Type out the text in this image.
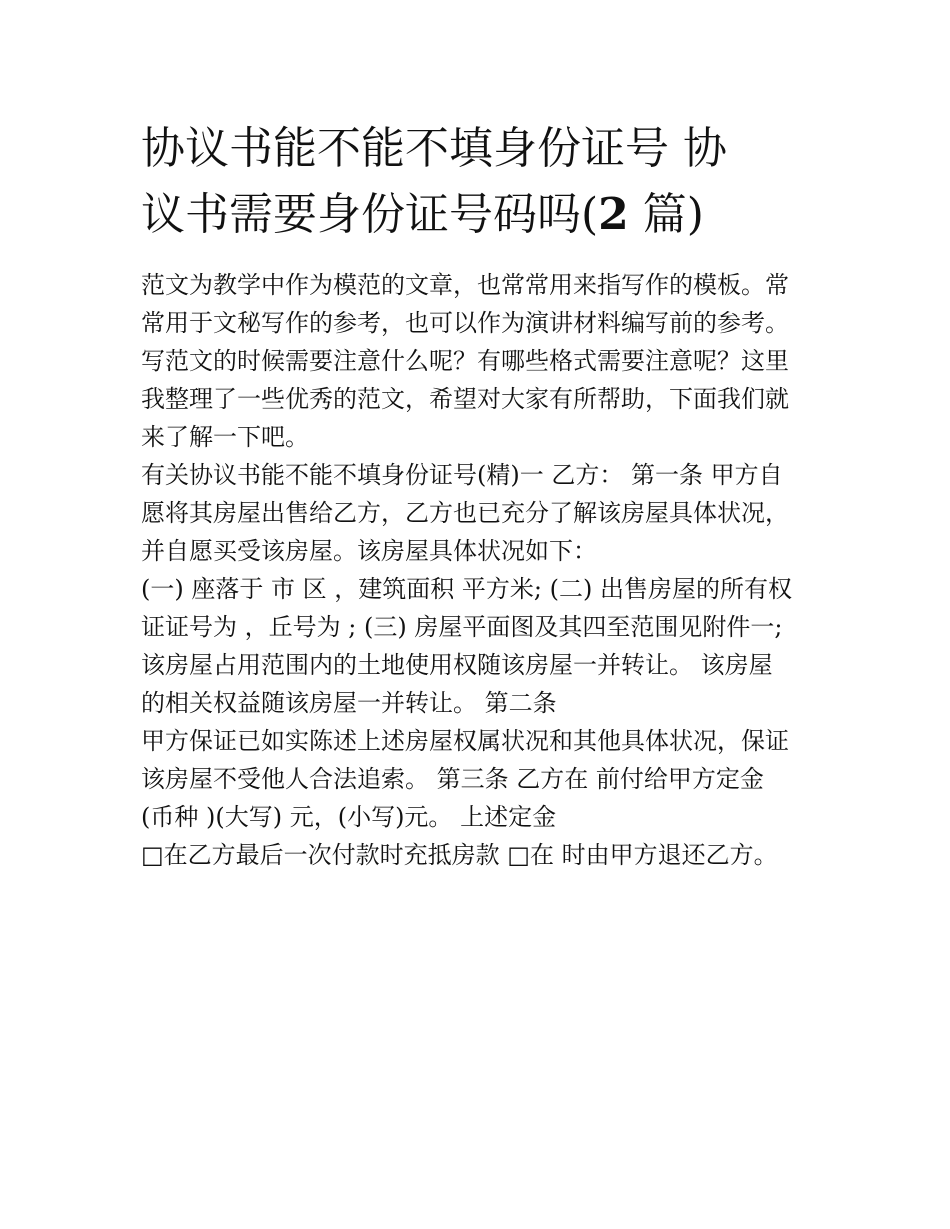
协议书能不能不填身份证号 协
议书需要身份证号码吗(2 篇)

范文为教学中作为模范的文章，也常常用来指写作的模板。常
常用于文秘写作的参考，也可以作为演讲材料编写前的参考。
写范文的时候需要注意什么呢？有哪些格式需要注意呢？这里
我整理了一些优秀的范文，希望对大家有所帮助，下面我们就
来了解一下吧。

有关协议书能不能不填身份证号(精)一 乙方： 第一条 甲方自
愿将其房屋出售给乙方，乙方也已充分了解该房屋具体状况，
并自愿买受该房屋。该房屋具体状况如下：

(一) 座落于 市 区 ，建筑面积 平方米; (二) 出售房屋的所有权
证证号为 ，丘号为 ; (三) 房屋平面图及其四至范围见附件一;
该房屋占用范围内的土地使用权随该房屋一并转让。 该房屋
的相关权益随该房屋一并转让。 第二条

甲方保证已如实陈述上述房屋权属状况和其他具体状况，保证
该房屋不受他人合法追索。 第三条 乙方在 前付给甲方定金
(币种 )(大写) 元，(小写)元。 上述定金

□在乙方最后一次付款时充抵房款 □在 时由甲方退还乙方。
